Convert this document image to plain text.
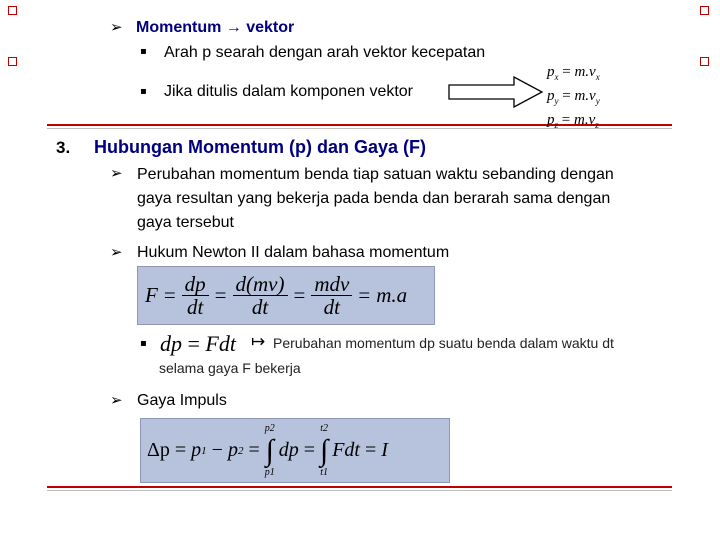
➢ Momentum → vektor
▪ Arah p searah dengan arah vektor kecepatan
▪ Jika ditulis dalam komponen vektor
$p_x = m.v_x$
$p_y = m.v_y$
$p_z = m.v_z$
3. Hubungan Momentum (p) dan Gaya (F)
➢ Perubahan momentum benda tiap satuan waktu sebanding dengan
gaya resultan yang bekerja pada benda dan berarah sama dengan
gaya tersebut
➢ Hukum Newton II dalam bahasa momentum
$F = \frac{dp}{dt} = \frac{d(mv)}{dt}$ = mdv
dt = m.a
▪ dp = Fdt ↦ Perubahan momentum dp suatu benda dalam waktu dt
selama gaya F bekerja
➢ Gaya Impuls
Δp = p 1 − p 2 =
p2
∫
p1
dp =
t2
∫
t1
Fdt = I
